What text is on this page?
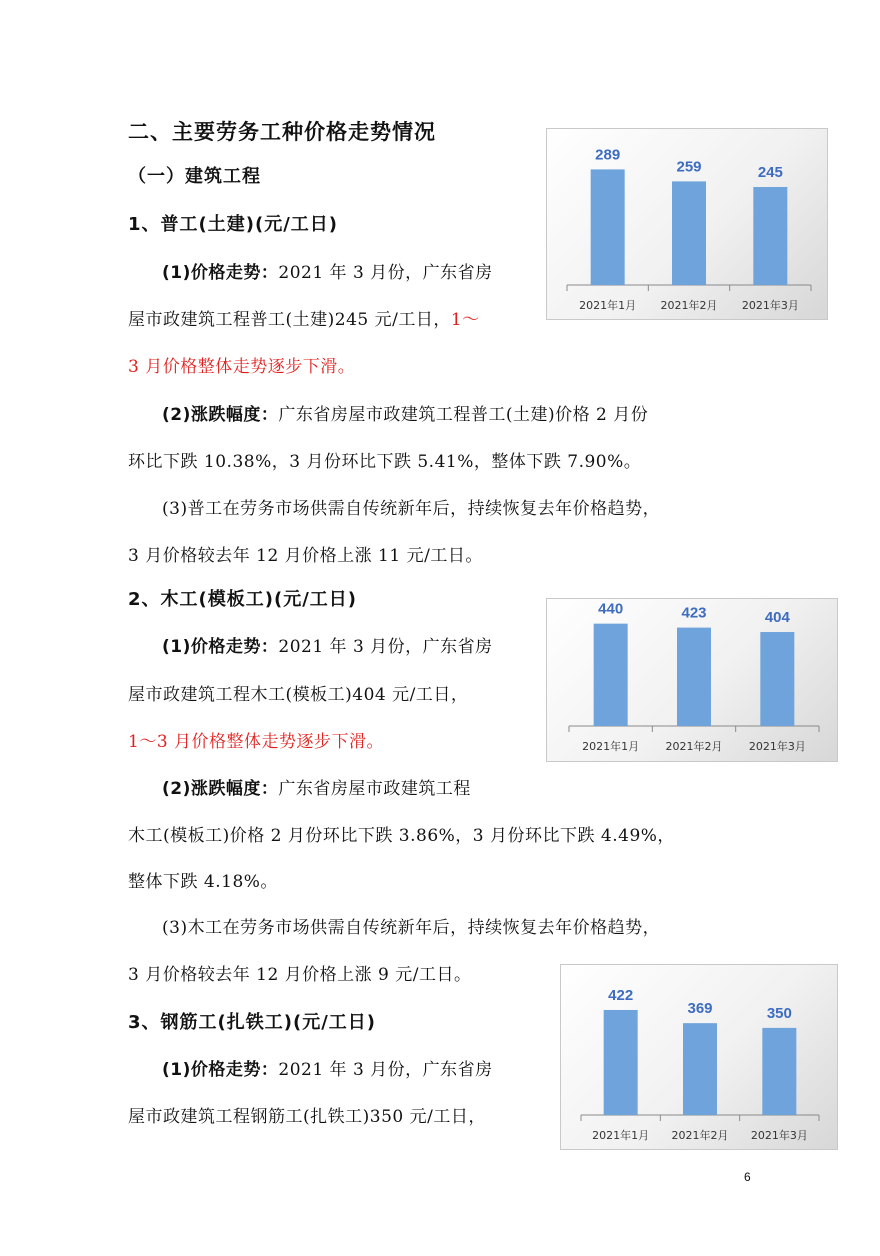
二、主要劳务工种价格走势情况
（一）建筑工程
1、普工(土建)(元/工日)
(1)价格走势：2021 年 3 月份，广东省房
屋市政建筑工程普工(土建)245 元/工日，1～
3 月价格整体走势逐步下滑。
(2)涨跌幅度：广东省房屋市政建筑工程普工(土建)价格 2 月份
环比下跌 10.38%，3 月份环比下跌 5.41%，整体下跌 7.90%。
(3)普工在劳务市场供需自传统新年后，持续恢复去年价格趋势，
3 月价格较去年 12 月价格上涨 11 元/工日。
2、木工(模板工)(元/工日)
(1)价格走势：2021 年 3 月份，广东省房
屋市政建筑工程木工(模板工)404 元/工日，
1～3 月价格整体走势逐步下滑。
(2)涨跌幅度：广东省房屋市政建筑工程
木工(模板工)价格 2 月份环比下跌 3.86%，3 月份环比下跌 4.49%，
整体下跌 4.18%。
(3)木工在劳务市场供需自传统新年后，持续恢复去年价格趋势，
3 月价格较去年 12 月价格上涨 9 元/工日。
3、钢筋工(扎铁工)(元/工日)
(1)价格走势：2021 年 3 月份，广东省房
屋市政建筑工程钢筋工(扎铁工)350 元/工日，
289
2021年1月
259
2021年2月
245
2021年3月
440
2021年1月
423
2021年2月
404
2021年3月
422
2021年1月
369
2021年2月
350
2021年3月
6
